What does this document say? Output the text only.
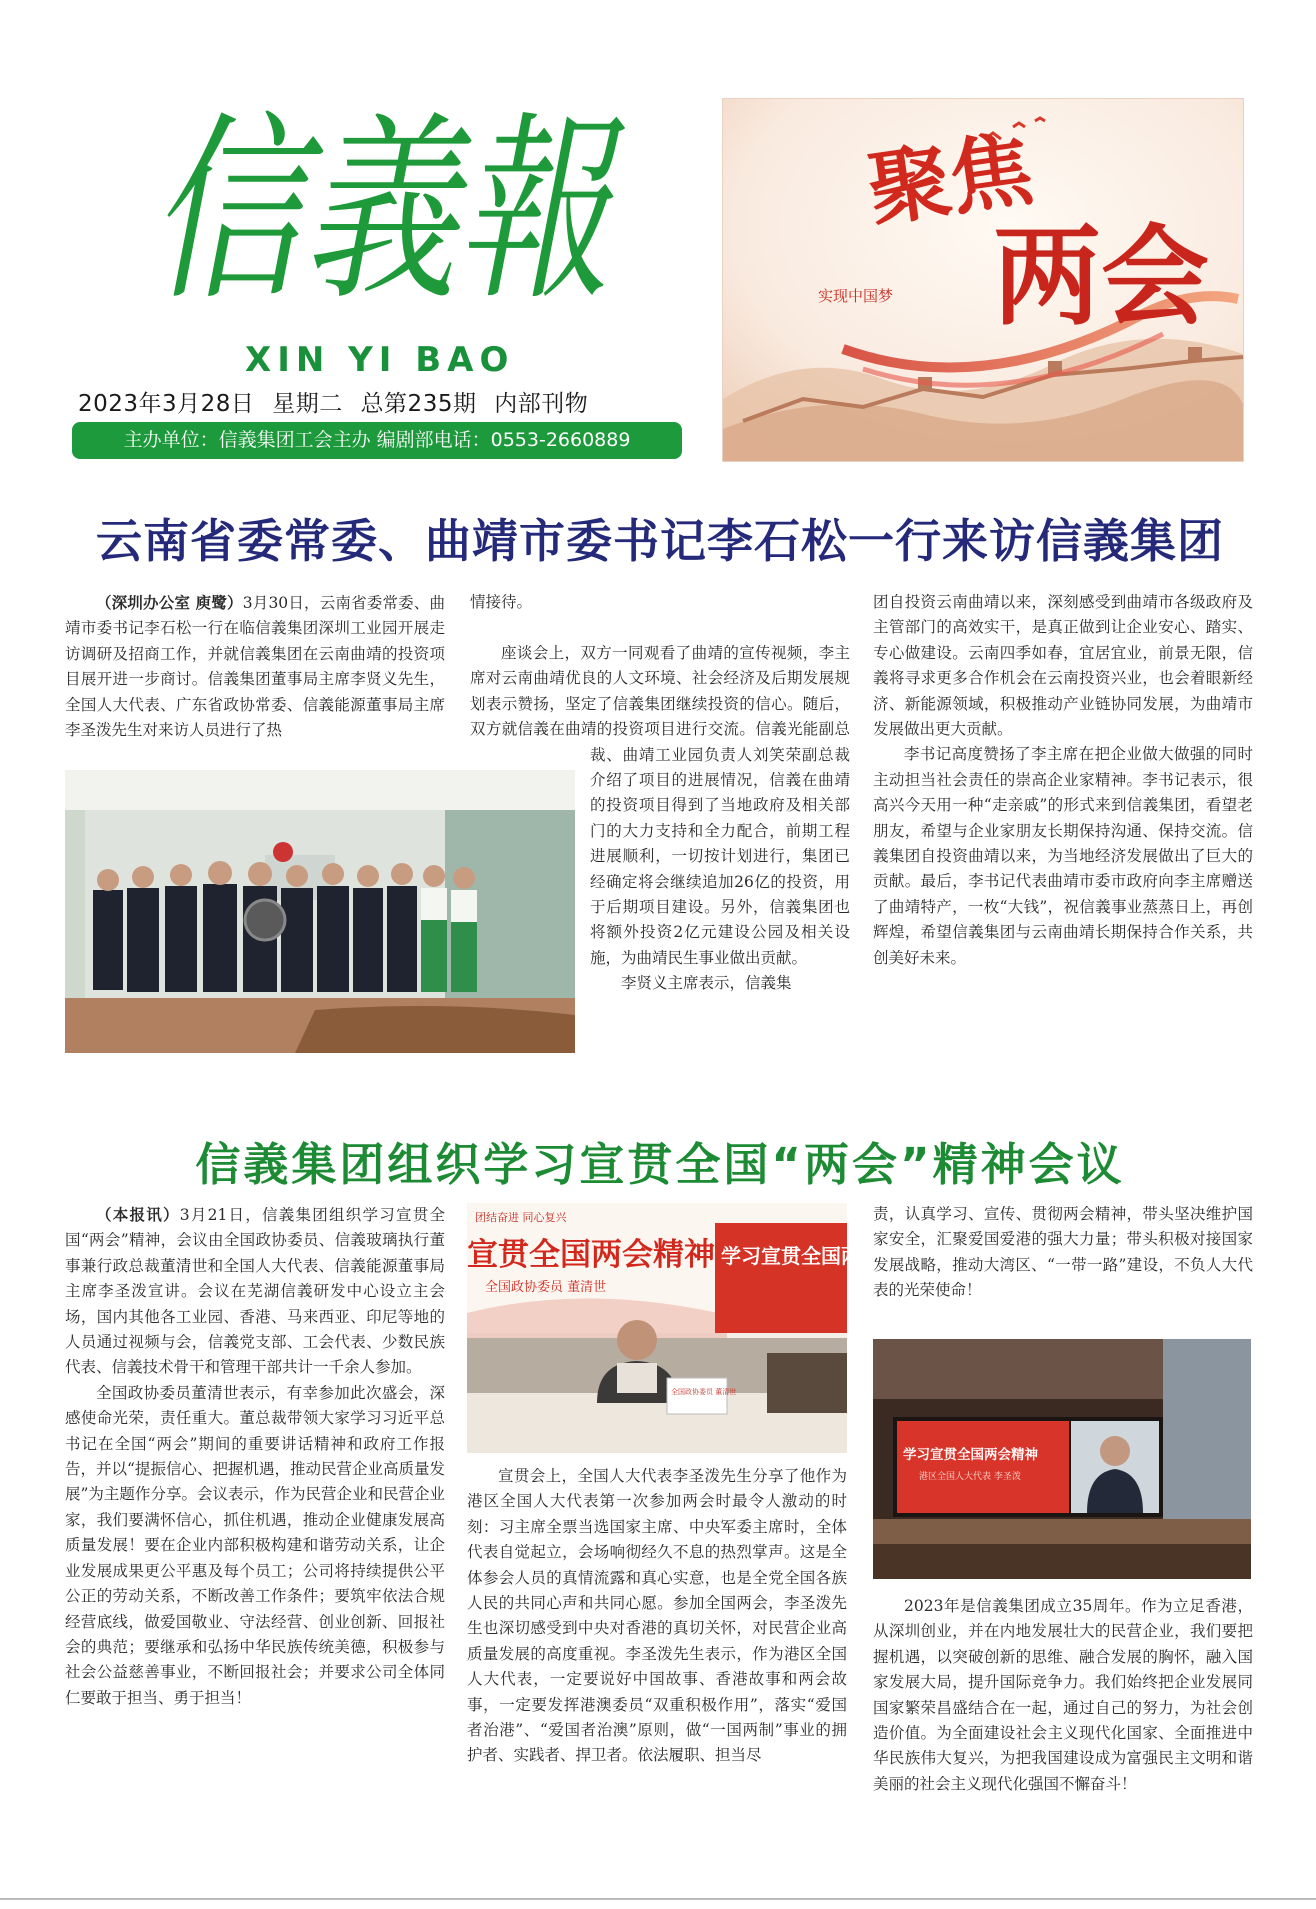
信義報
XIN YI BAO
2023年3月28日 星期二 总第235期 内部刊物
主办单位：信義集团工会主办 编剧部电话：0553-2660889
聚焦
两会
实现中国梦
云南省委常委、曲靖市委书记李石松一行来访信義集团

（深圳办公室 庾鹭）3月30日，云南省委常委、曲靖市委书记李石松一行在临信義集团深圳工业园开展走访调研及招商工作，并就信義集团在云南曲靖的投资项目展开进一步商讨。信義集团董事局主席李贤义先生，全国人大代表、广东省政协常委、信義能源董事局主席李圣泼先生对来访人员进行了热

情接待。

座谈会上，双方一同观看了曲靖的宣传视频，李主席对云南曲靖优良的人文环境、社会经济及后期发展规划表示赞扬，坚定了信義集团继续投资的信心。随后，双方就信義在曲靖的投资项目进行交流。信義光能副总裁、曲靖工业园负责人刘笑荣副总裁介绍了项目的进展情况，信義在曲靖的投资项目得到了当地政府及相关部门的大力支持和全力配合，前期工程进展顺利，一切按计划进行，集团已经确定将会继续追加26亿的投资，用于后期项目建设。另外，信義集团也将额外投资2亿元建设公园及相关设施，为曲靖民生事业做出贡献。

李贤义主席表示，信義集

团自投资云南曲靖以来，深刻感受到曲靖市各级政府及主管部门的高效实干，是真正做到让企业安心、踏实、专心做建设。云南四季如春，宜居宜业，前景无限，信義将寻求更多合作机会在云南投资兴业，也会着眼新经济、新能源领域，积极推动产业链协同发展，为曲靖市发展做出更大贡献。

李书记高度赞扬了李主席在把企业做大做强的同时主动担当社会责任的崇高企业家精神。李书记表示，很高兴今天用一种“走亲戚”的形式来到信義集团，看望老朋友，希望与企业家朋友长期保持沟通、保持交流。信義集团自投资曲靖以来，为当地经济发展做出了巨大的贡献。最后，李书记代表曲靖市委市政府向李主席赠送了曲靖特产，一枚“大钱”，祝信義事业蒸蒸日上，再创辉煌，希望信義集团与云南曲靖长期保持合作关系，共创美好未来。

信義集团组织学习宣贯全国“两会”精神会议

（本报讯）3月21日，信義集团组织学习宣贯全国“两会”精神，会议由全国政协委员、信義玻璃执行董事兼行政总裁董清世和全国人大代表、信義能源董事局主席李圣泼宣讲。会议在芜湖信義研发中心设立主会场，国内其他各工业园、香港、马来西亚、印尼等地的人员通过视频与会，信義党支部、工会代表、少数民族代表、信義技术骨干和管理干部共计一千余人参加。

全国政协委员董清世表示，有幸参加此次盛会，深感使命光荣，责任重大。董总裁带领大家学习习近平总书记在全国“两会”期间的重要讲话精神和政府工作报告，并以“提振信心、把握机遇，推动民营企业高质量发展”为主题作分享。会议表示，作为民营企业和民营企业家，我们要满怀信心，抓住机遇，推动企业健康发展高质量发展！要在企业内部积极构建和谐劳动关系，让企业发展成果更公平惠及每个员工；公司将持续提供公平公正的劳动关系，不断改善工作条件；要筑牢依法合规经营底线，做爱国敬业、守法经营、创业创新、回报社会的典范；要继承和弘扬中华民族传统美德，积极参与社会公益慈善事业，不断回报社会；并要求公司全体同仁要敢于担当、勇于担当！

团结奋进 同心复兴
宣贯全国两会精神
全国政协委员 董清世
学习宣贯全国两
全国政协委员 董清世

宣贯会上，全国人大代表李圣泼先生分享了他作为港区全国人大代表第一次参加两会时最令人激动的时刻：习主席全票当选国家主席、中央军委主席时，全体代表自觉起立，会场响彻经久不息的热烈掌声。这是全体参会人员的真情流露和真心实意，也是全党全国各族人民的共同心声和共同心愿。参加全国两会，李圣泼先生也深切感受到中央对香港的真切关怀，对民营企业高质量发展的高度重视。李圣泼先生表示，作为港区全国人大代表，一定要说好中国故事、香港故事和两会故事，一定要发挥港澳委员“双重积极作用”，落实“爱国者治港”、“爱国者治澳”原则，做“一国两制”事业的拥护者、实践者、捍卫者。依法履职、担当尽

责，认真学习、宣传、贯彻两会精神，带头坚决维护国家安全，汇聚爱国爱港的强大力量；带头积极对接国家发展战略，推动大湾区、“一带一路”建设，不负人大代表的光荣使命！

学习宣贯全国两会精神
港区全国人大代表 李圣泼

2023年是信義集团成立35周年。作为立足香港，从深圳创业，并在内地发展壮大的民营企业，我们要把握机遇，以突破创新的思维、融合发展的胸怀，融入国家发展大局，提升国际竞争力。我们始终把企业发展同国家繁荣昌盛结合在一起，通过自己的努力，为社会创造价值。为全面建设社会主义现代化国家、全面推进中华民族伟大复兴，为把我国建设成为富强民主文明和谐美丽的社会主义现代化强国不懈奋斗！
